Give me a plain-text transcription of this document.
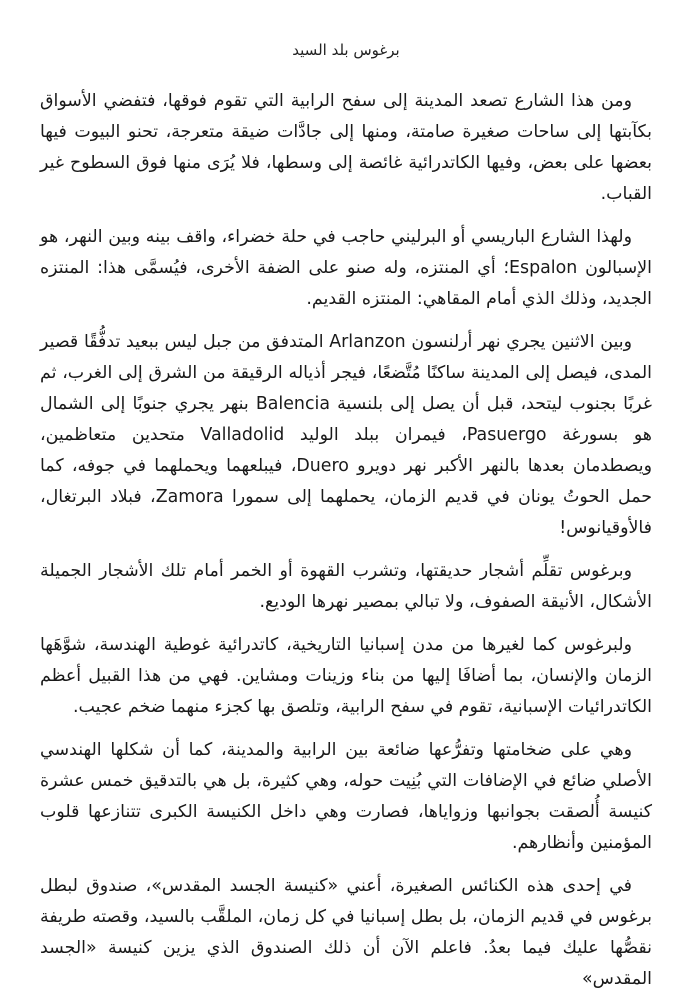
برغوس بلد السيد

ومن هذا الشارع تصعد المدينة إلى سفح الرابية التي تقوم فوقها، فتفضي الأسواق بكآبتها إلى ساحات صغيرة صامتة، ومنها إلى جادَّات ضيقة متعرجة، تحنو البيوت فيها بعضها على بعض، وفيها الكاتدرائية غائصة إلى وسطها، فلا يُرَى منها فوق السطوح غير القباب.

ولهذا الشارع الباريسي أو البرليني حاجب في حلة خضراء، واقف بينه وبين النهر، هو الإسبالون Espalon؛ أي المنتزه، وله صنو على الضفة الأخرى، فيُسمَّى هذا: المنتزه الجديد، وذلك الذي أمام المقاهي: المنتزه القديم.

وبين الاثنين يجري نهر أرلنسون Arlanzon المتدفق من جبل ليس ببعيد تدفُّقًا قصير المدى، فيصل إلى المدينة ساكنًا مُتَّضعًا، فيجر أذياله الرقيقة من الشرق إلى الغرب، ثم غربًا بجنوب ليتحد، قبل أن يصل إلى بلنسية Balencia بنهر يجري جنوبًا إلى الشمال هو بسورغة Pasuergo، فيمران ببلد الوليد Valladolid متحدين متعاظمين، ويصطدمان بعدها بالنهر الأكبر نهر دويرو Duero، فيبلعهما ويحملهما في جوفه، كما حمل الحوتُ يونان في قديم الزمان، يحملهما إلى سمورا Zamora، فبلاد البرتغال، فالأوقيانوس!

وبرغوس تقلِّم أشجار حديقتها، وتشرب القهوة أو الخمر أمام تلك الأشجار الجميلة الأشكال، الأنيقة الصفوف، ولا تبالي بمصير نهرها الوديع.

ولبرغوس كما لغيرها من مدن إسبانيا التاريخية، كاتدرائية غوطية الهندسة، شوَّهَها الزمان والإنسان، بما أضافَا إليها من بناء وزينات ومشاين. فهي من هذا القبيل أعظم الكاتدرائيات الإسبانية، تقوم في سفح الرابية، وتلصق بها كجزء منهما ضخم عجيب.

وهي على ضخامتها وتفرُّعها ضائعة بين الرابية والمدينة، كما أن شكلها الهندسي الأصلي ضائع في الإضافات التي بُنِيت حوله، وهي كثيرة، بل هي بالتدقيق خمس عشرة كنيسة أُلصقت بجوانبها وزواياها، فصارت وهي داخل الكنيسة الكبرى تتنازعها قلوب المؤمنين وأنظارهم.

في إحدى هذه الكنائس الصغيرة، أعني «كنيسة الجسد المقدس»، صندوق لبطل برغوس في قديم الزمان، بل بطل إسبانيا في كل زمان، الملقَّب بالسيد، وقصته طريفة نقصُّها عليك فيما بعدُ. فاعلم الآن أن ذلك الصندوق الذي يزين كنيسة «الجسد المقدس»
